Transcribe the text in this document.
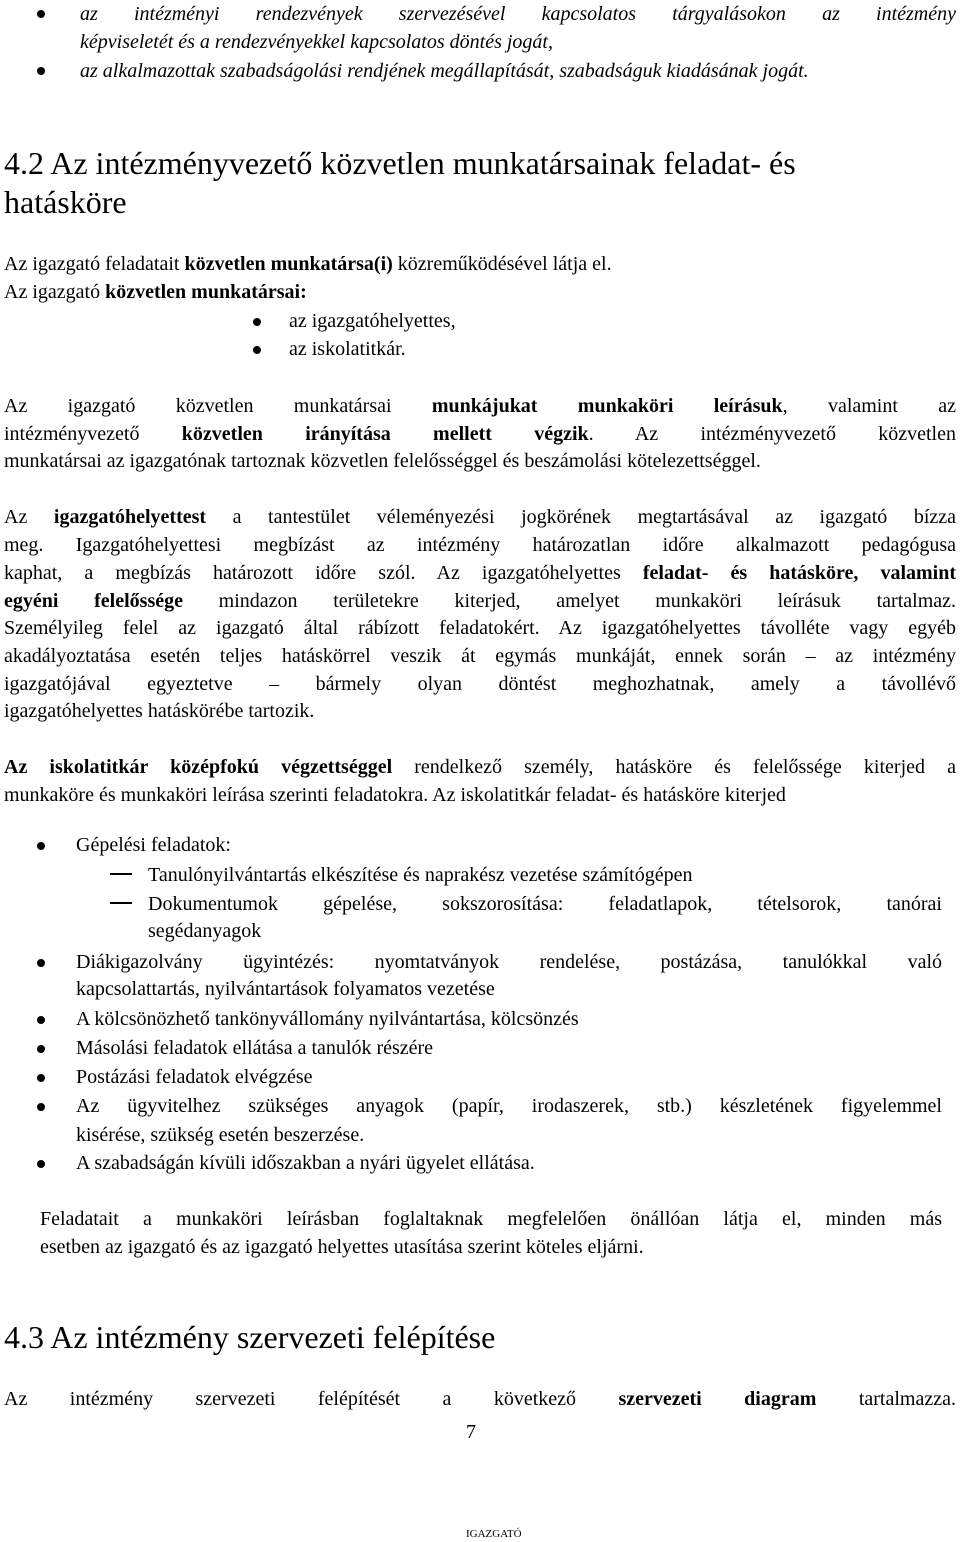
az intézményi rendezvények szervezésével kapcsolatos tárgyalásokon az intézmény
képviseletét és a rendezvényekkel kapcsolatos döntés jogát,
az alkalmazottak szabadságolási rendjének megállapítását, szabadságuk kiadásának jogát.
4.2 Az intézményvezető közvetlen munkatársainak feladat- és
hatásköre
Az igazgató feladatait közvetlen munkatársa(i) közreműködésével látja el.
Az igazgató közvetlen munkatársai:
az igazgatóhelyettes,
az iskolatitkár.
Az igazgató közvetlen munkatársai munkájukat munkaköri leírásuk, valamint az
intézményvezető közvetlen irányítása mellett végzik. Az intézményvezető közvetlen
munkatársai az igazgatónak tartoznak közvetlen felelősséggel és beszámolási kötelezettséggel.
Az igazgatóhelyettest a tantestület véleményezési jogkörének megtartásával az igazgató bízza
meg. Igazgatóhelyettesi megbízást az intézmény határozatlan időre alkalmazott pedagógusa
kaphat, a megbízás határozott időre szól. Az igazgatóhelyettes feladat- és hatásköre, valamint
egyéni felelőssége mindazon területekre kiterjed, amelyet munkaköri leírásuk tartalmaz.
Személyileg felel az igazgató által rábízott feladatokért. Az igazgatóhelyettes távolléte vagy egyéb
akadályoztatása esetén teljes hatáskörrel veszik át egymás munkáját, ennek során – az intézmény
igazgatójával egyeztetve – bármely olyan döntést meghozhatnak, amely a távollévő
igazgatóhelyettes hatáskörébe tartozik.
Az iskolatitkár középfokú végzettséggel rendelkező személy, hatásköre és felelőssége kiterjed a
munkaköre és munkaköri leírása szerinti feladatokra. Az iskolatitkár feladat- és hatásköre kiterjed
Gépelési feladatok:
Tanulónyilvántartás elkészítése és naprakész vezetése számítógépen
Dokumentumok gépelése, sokszorosítása: feladatlapok, tételsorok, tanórai
segédanyagok
Diákigazolvány ügyintézés: nyomtatványok rendelése, postázása, tanulókkal való
kapcsolattartás, nyilvántartások folyamatos vezetése
A kölcsönözhető tankönyvállomány nyilvántartása, kölcsönzés
Másolási feladatok ellátása a tanulók részére
Postázási feladatok elvégzése
Az ügyvitelhez szükséges anyagok (papír, irodaszerek, stb.) készletének figyelemmel
kisérése, szükség esetén beszerzése.
A szabadságán kívüli időszakban a nyári ügyelet ellátása.
Feladatait a munkaköri leírásban foglaltaknak megfelelően önállóan látja el, minden más
esetben az igazgató és az igazgató helyettes utasítása szerint köteles eljárni.
4.3 Az intézmény szervezeti felépítése
Az intézmény szervezeti felépítését a következő szervezeti diagram tartalmazza.
7
IGAZGATÓ
